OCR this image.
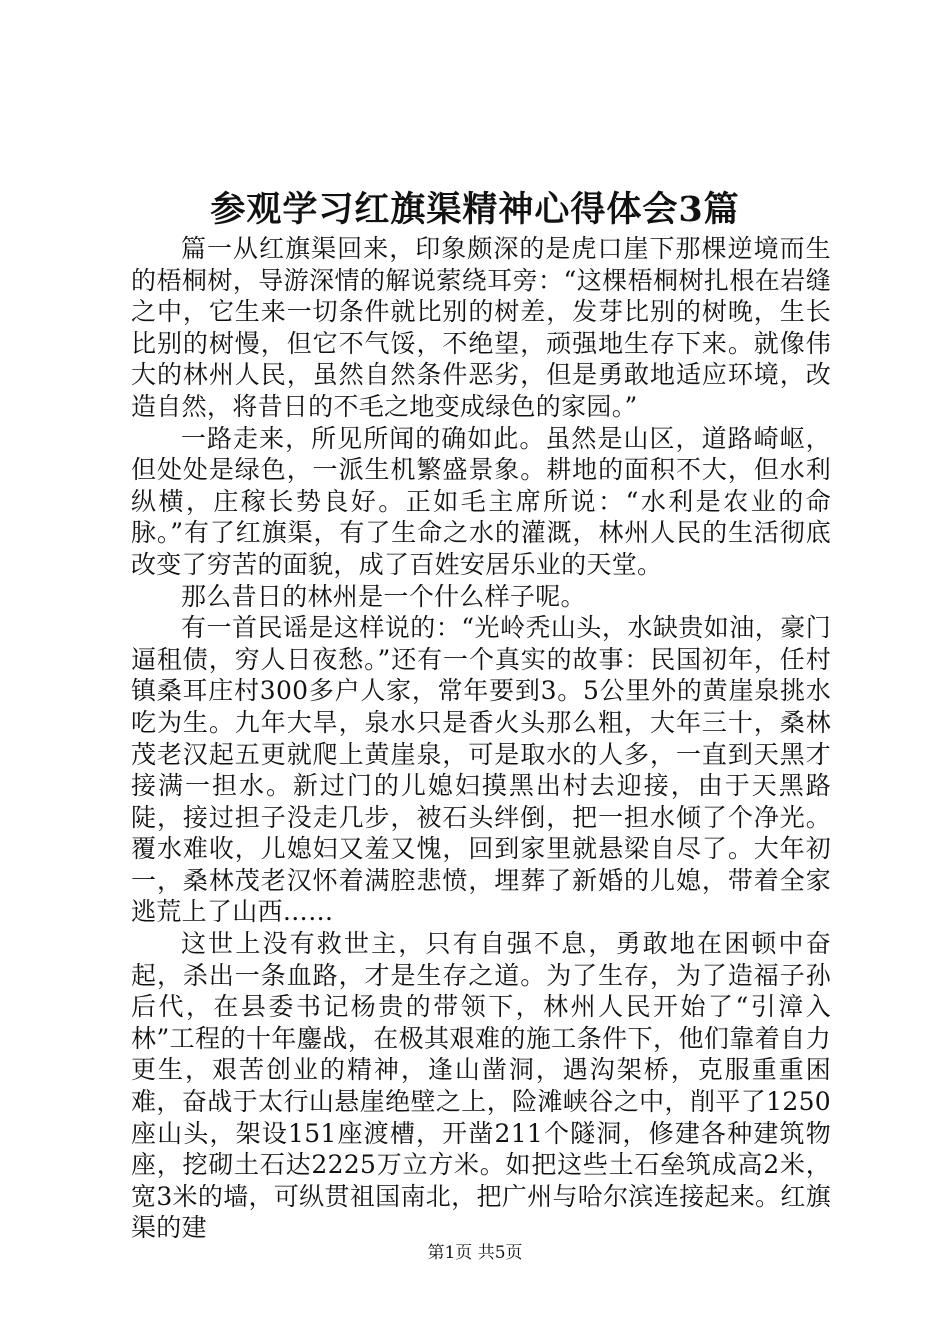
参观学习红旗渠精神心得体会3篇

篇一从红旗渠回来，印象颇深的是虎口崖下那棵逆境而生的梧桐树，导游深情的解说萦绕耳旁：“这棵梧桐树扎根在岩缝之中，它生来一切条件就比别的树差，发芽比别的树晚，生长比别的树慢，但它不气馁，不绝望，顽强地生存下来。就像伟大的林州人民，虽然自然条件恶劣，但是勇敢地适应环境，改造自然，将昔日的不毛之地变成绿色的家园。”

一路走来，所见所闻的确如此。虽然是山区，道路崎岖，但处处是绿色，一派生机繁盛景象。耕地的面积不大，但水利纵横，庄稼长势良好。正如毛主席所说：“水利是农业的命脉。”有了红旗渠，有了生命之水的灌溉，林州人民的生活彻底改变了穷苦的面貌，成了百姓安居乐业的天堂。

那么昔日的林州是一个什么样子呢。

有一首民谣是这样说的：“光岭秃山头，水缺贵如油，豪门逼租债，穷人日夜愁。”还有一个真实的故事：民国初年，任村镇桑耳庄村300多户人家，常年要到3。5公里外的黄崖泉挑水吃为生。九年大旱，泉水只是香火头那么粗，大年三十，桑林茂老汉起五更就爬上黄崖泉，可是取水的人多，一直到天黑才接满一担水。新过门的儿媳妇摸黑出村去迎接，由于天黑路陡，接过担子没走几步，被石头绊倒，把一担水倾了个净光。覆水难收，儿媳妇又羞又愧，回到家里就悬梁自尽了。大年初一，桑林茂老汉怀着满腔悲愤，埋葬了新婚的儿媳，带着全家逃荒上了山西……

这世上没有救世主，只有自强不息，勇敢地在困顿中奋起，杀出一条血路，才是生存之道。为了生存，为了造福子孙后代，在县委书记杨贵的带领下，林州人民开始了“引漳入林”工程的十年鏖战，在极其艰难的施工条件下，他们靠着自力更生，艰苦创业的精神，逢山凿洞，遇沟架桥，克服重重困难，奋战于太行山悬崖绝壁之上，险滩峡谷之中，削平了1250座山头，架设151座渡槽，开凿211个隧洞，修建各种建筑物座，挖砌土石达2225万立方米。如把这些土石垒筑成高2米，宽3米的墙，可纵贯祖国南北，把广州与哈尔滨连接起来。红旗渠的建

第1页 共5页
